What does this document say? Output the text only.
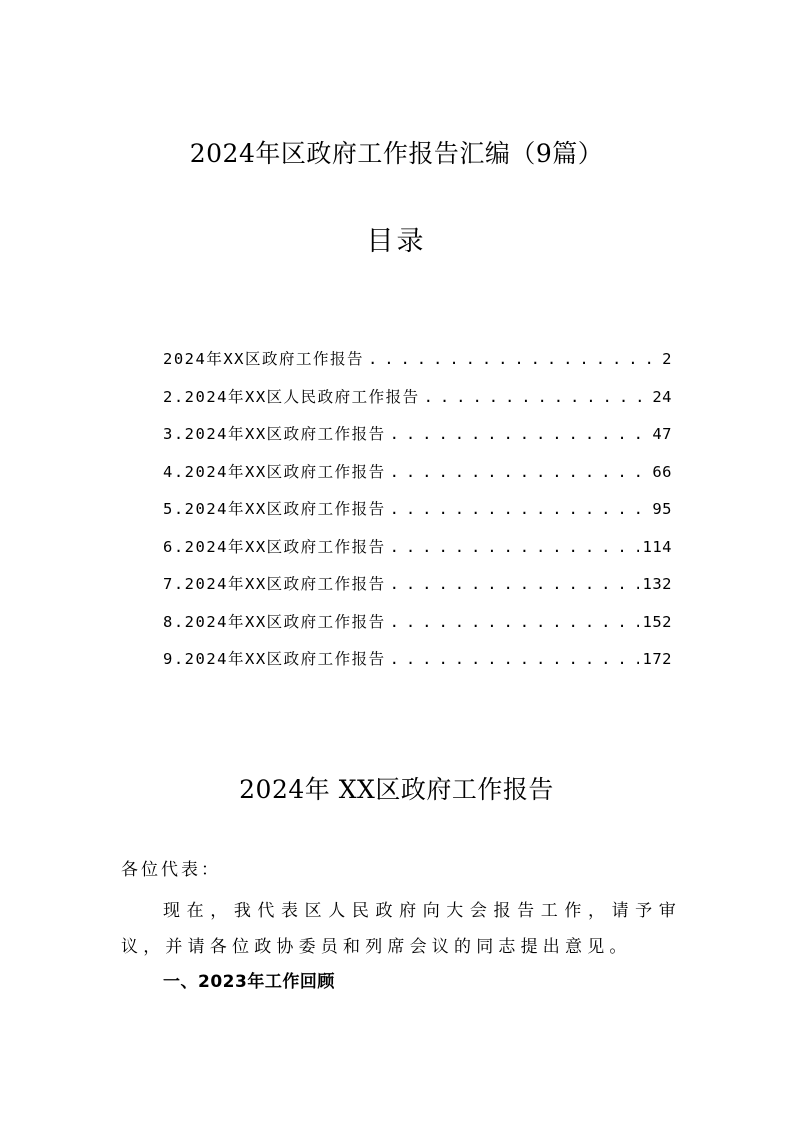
2024年区政府工作报告汇编（9篇）
目录
2024年XX区政府工作报告 . . .	2
2.2024年XX区人民政府工作报告 . . .	24
3.2024年XX区政府工作报告 . . .	47
4.2024年XX区政府工作报告 . . .	66
5.2024年XX区政府工作报告 . . .	95
6.2024年XX区政府工作报告 . . .	114
7.2024年XX区政府工作报告 . . .	132
8.2024年XX区政府工作报告 . . .	152
9.2024年XX区政府工作报告 . . .	172
2024年 XX区政府工作报告
各位代表：
现在，我代表区人民政府向大会报告工作，请予审议，并请各位政协委员和列席会议的同志提出意见。
一、2023年工作回顾
